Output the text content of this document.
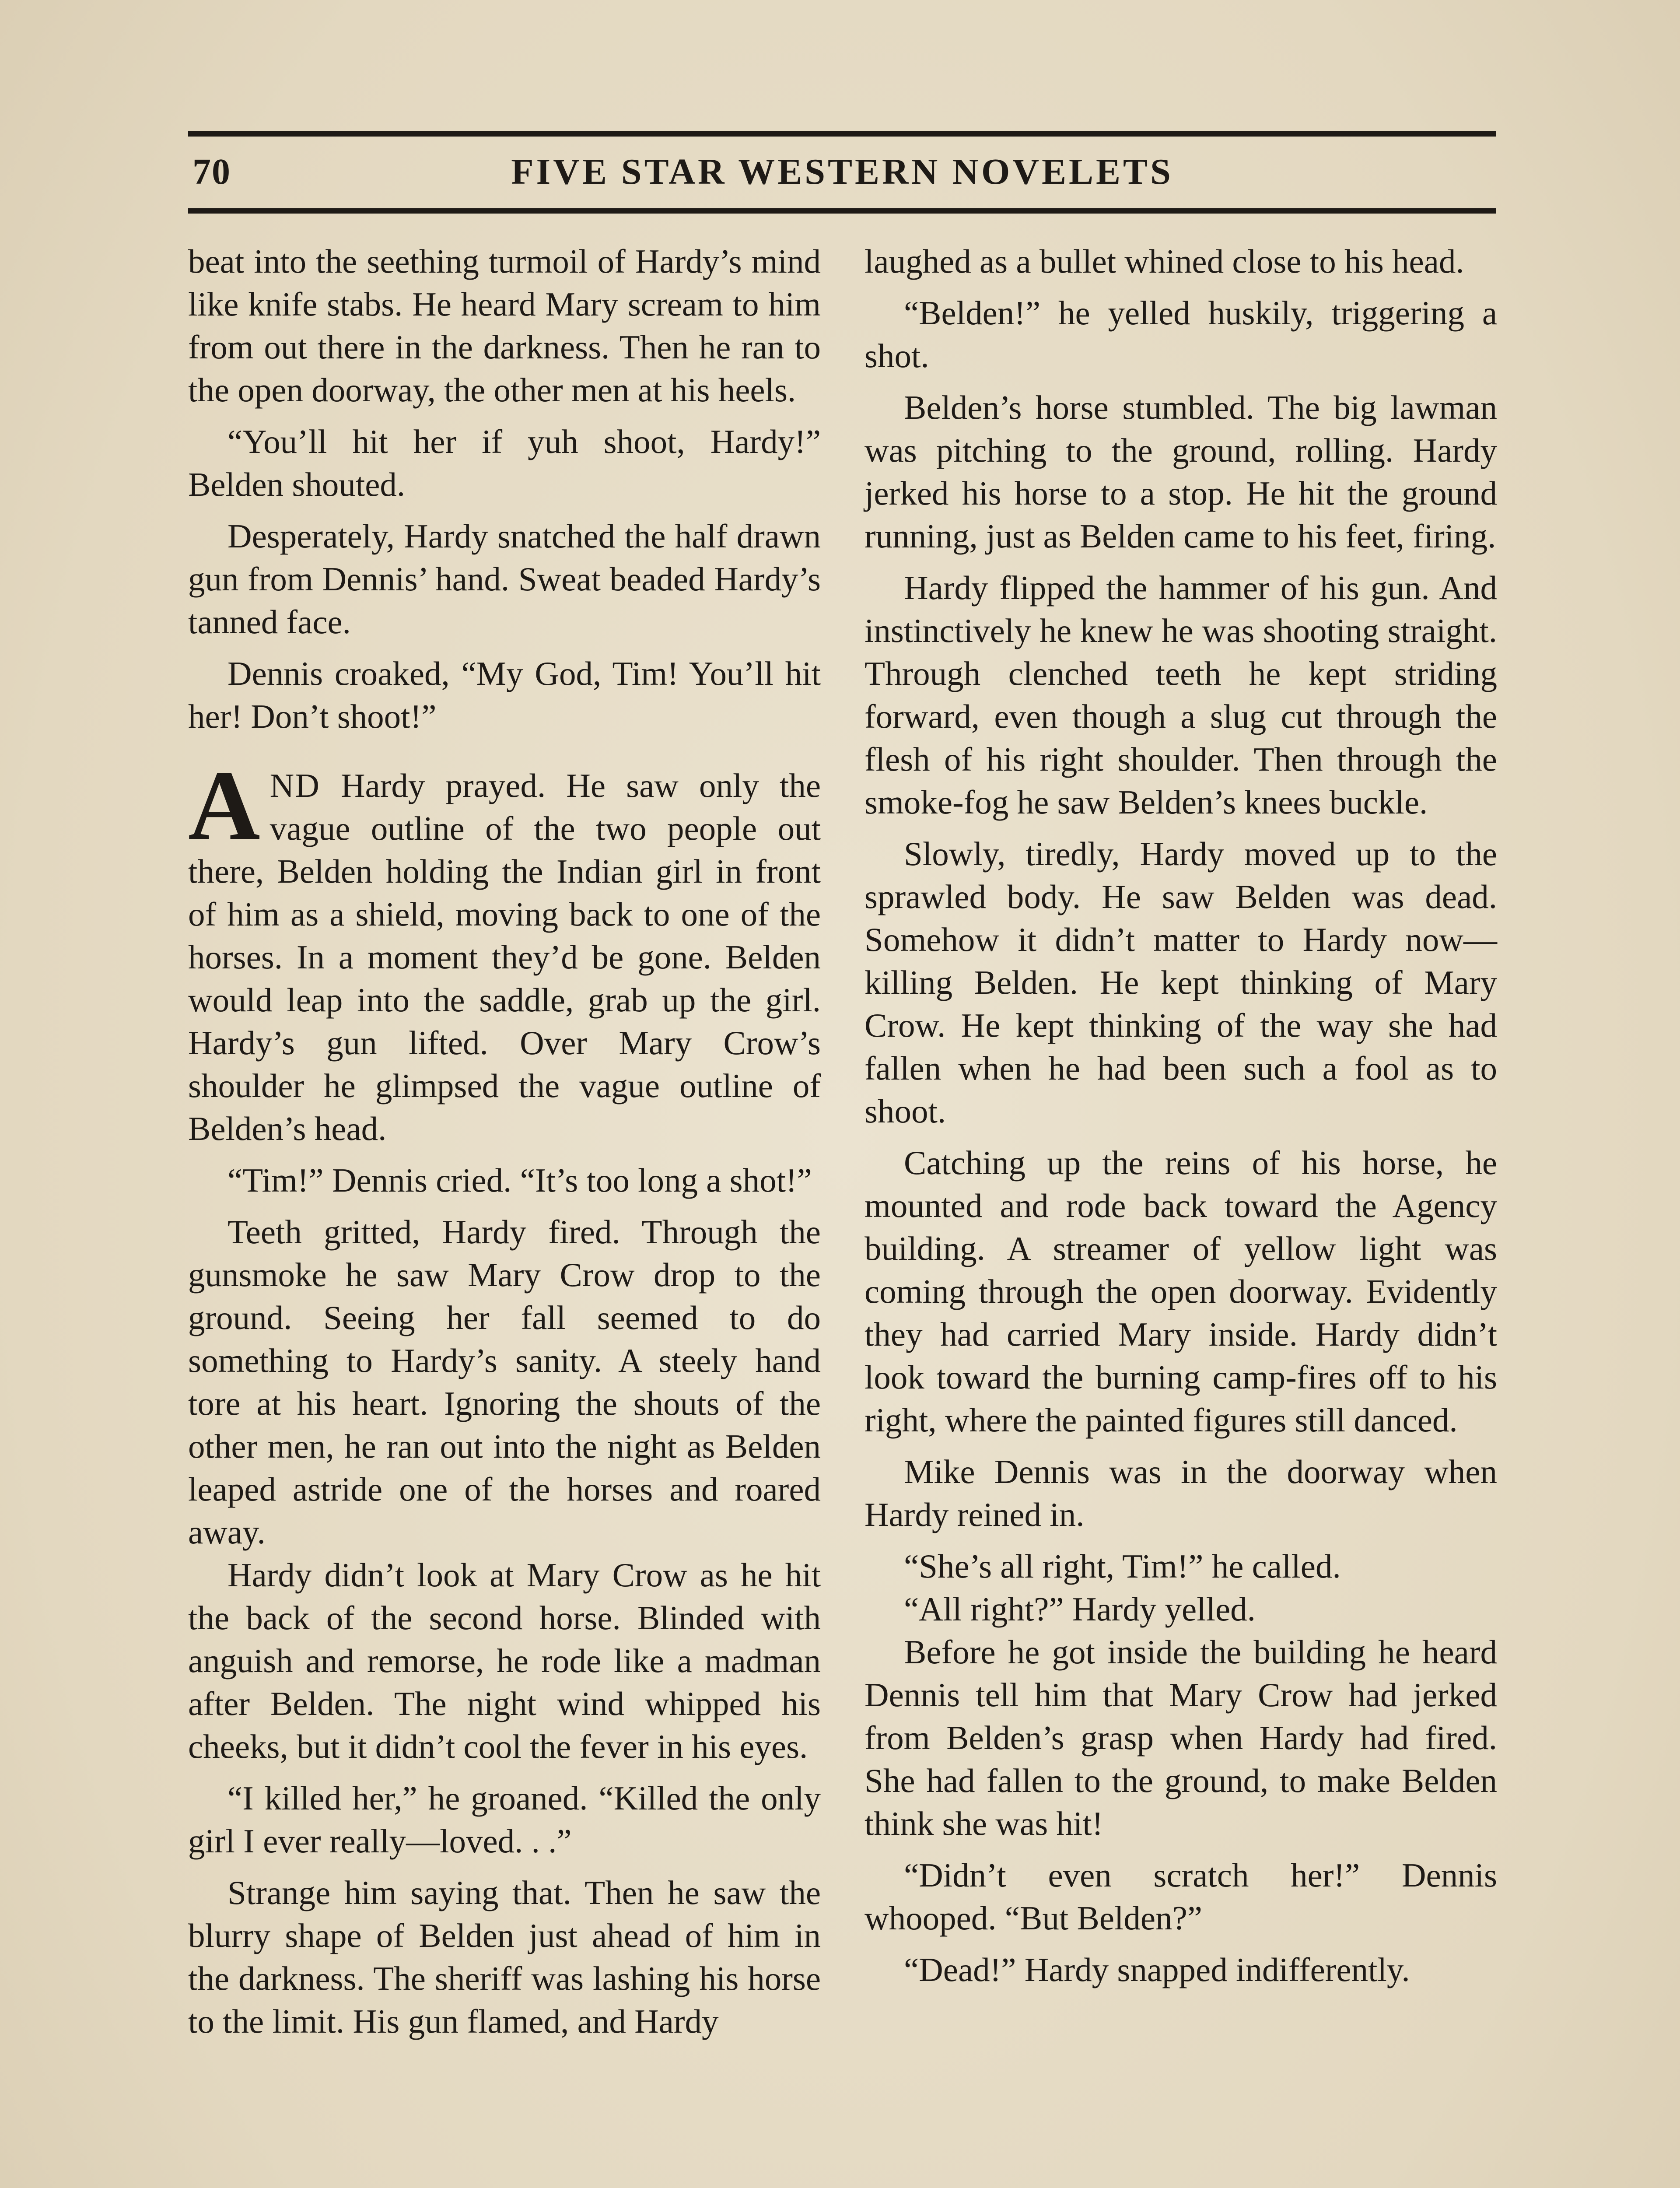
70	FIVE STAR WESTERN NOVELETS

beat into the seething turmoil of Hardy’s mind like knife stabs. He heard Mary scream to him from out there in the darkness. Then he ran to the open doorway, the other men at his heels.

“You’ll hit her if yuh shoot, Hardy!” Belden shouted.

Desperately, Hardy snatched the half drawn gun from Dennis’ hand. Sweat beaded Hardy’s tanned face.

Dennis croaked, “My God, Tim! You’ll hit her! Don’t shoot!”

AND Hardy prayed. He saw only the vague outline of the two people out there, Belden holding the Indian girl in front of him as a shield, moving back to one of the horses. In a moment they’d be gone. Belden would leap into the saddle, grab up the girl. Hardy’s gun lifted. Over Mary Crow’s shoulder he glimpsed the vague outline of Belden’s head.

“Tim!” Dennis cried. “It’s too long a shot!”

Teeth gritted, Hardy fired. Through the gunsmoke he saw Mary Crow drop to the ground. Seeing her fall seemed to do something to Hardy’s sanity. A steely hand tore at his heart. Ignoring the shouts of the other men, he ran out into the night as Belden leaped astride one of the horses and roared away.

Hardy didn’t look at Mary Crow as he hit the back of the second horse. Blinded with anguish and remorse, he rode like a madman after Belden. The night wind whipped his cheeks, but it didn’t cool the fever in his eyes.

“I killed her,” he groaned. “Killed the only girl I ever really—loved. . .”

Strange him saying that. Then he saw the blurry shape of Belden just ahead of him in the darkness. The sheriff was lashing his horse to the limit. His gun flamed, and Hardy

laughed as a bullet whined close to his head.

“Belden!” he yelled huskily, triggering a shot.

Belden’s horse stumbled. The big lawman was pitching to the ground, rolling. Hardy jerked his horse to a stop. He hit the ground running, just as Belden came to his feet, firing.

Hardy flipped the hammer of his gun. And instinctively he knew he was shooting straight. Through clenched teeth he kept striding forward, even though a slug cut through the flesh of his right shoulder. Then through the smoke-fog he saw Belden’s knees buckle.

Slowly, tiredly, Hardy moved up to the sprawled body. He saw Belden was dead. Somehow it didn’t matter to Hardy now—killing Belden. He kept thinking of Mary Crow. He kept thinking of the way she had fallen when he had been such a fool as to shoot.

Catching up the reins of his horse, he mounted and rode back toward the Agency building. A streamer of yellow light was coming through the open doorway. Evidently they had carried Mary inside. Hardy didn’t look toward the burning camp-fires off to his right, where the painted figures still danced.

Mike Dennis was in the doorway when Hardy reined in.

“She’s all right, Tim!” he called.

“All right?” Hardy yelled.

Before he got inside the building he heard Dennis tell him that Mary Crow had jerked from Belden’s grasp when Hardy had fired. She had fallen to the ground, to make Belden think she was hit!

“Didn’t even scratch her!” Dennis whooped. “But Belden?”

“Dead!” Hardy snapped indifferently.
